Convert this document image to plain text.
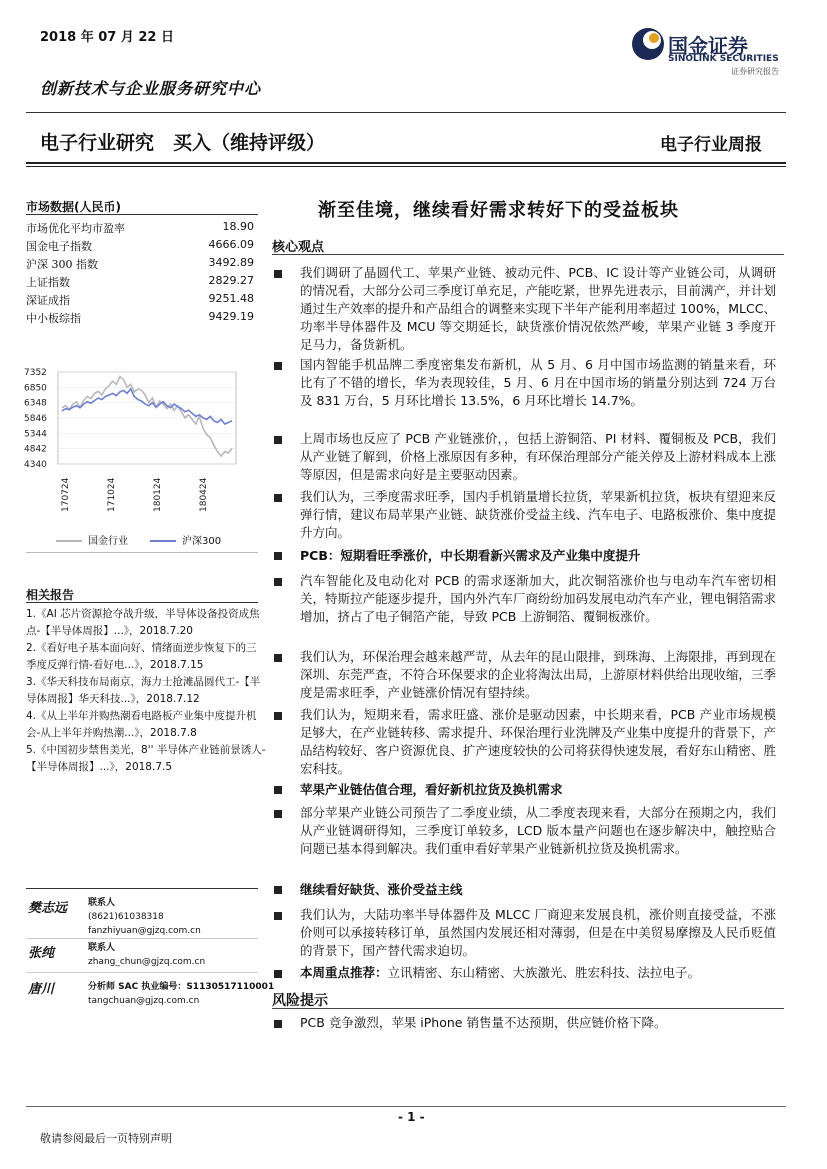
2018 年 07 月 22 日
创新技术与企业服务研究中心
国金证券
SINOLINK SECURITIES
证券研究报告
电子行业研究　买入（维持评级）	电子行业周报
市场数据(人民币)
市场优化平均市盈率	18.90
国金电子指数	4666.09
沪深 300 指数	3492.89
上证指数	2829.27
深证成指	9251.48
中小板综指	9429.19
7352
6850
6348
5846
5344
4842
4340
170724	171024	180124	180424
国金行业	沪深300
相关报告
1.《AI 芯片资源抢夺战升级，半导体设备投资成焦点-【半导体周报】...》，2018.7.20
2.《看好电子基本面向好、情绪面逆步恢复下的三季度反弹行情-看好电...》，2018.7.15
3.《华天科技布局南京，海力士抢滩晶圆代工-【半导体周报】华天科技...》，2018.7.12
4.《从上半年并购热潮看电路板产业集中度提升机会-从上半年并购热潮...》，2018.7.8
5.《中国初步禁售美光，8'' 半导体产业链前景诱人-【半导体周报】...》，2018.7.5
樊志远 联系人
(8621)61038318
fanzhiyuan@gjzq.com.cn
张纯	联系人
zhang_chun@gjzq.com.cn
唐川	分析师 SAC 执业编号：S1130517110001
tangchuan@gjzq.com.cn
渐至佳境，继续看好需求转好下的受益板块
核心观点
我们调研了晶圆代工、苹果产业链、被动元件、PCB、IC 设计等产业链公司，从调研的情况看，大部分公司三季度订单充足，产能吃紧，世界先进表示，目前满产，并计划通过生产效率的提升和产品组合的调整来实现下半年产能利用率超过 100%，MLCC、功率半导体器件及 MCU 等交期延长，缺货涨价情况依然严峻，苹果产业链 3 季度开足马力，备货新机。
国内智能手机品牌二季度密集发布新机，从 5 月、6 月中国市场监测的销量来看，环比有了不错的增长，华为表现较佳，5 月、6 月在中国市场的销量分别达到 724 万台及 831 万台，5 月环比增长 13.5%，6 月环比增长 14.7%。
上周市场也反应了 PCB 产业链涨价，，包括上游铜箔、PI 材料、覆铜板及 PCB，我们从产业链了解到，价格上涨原因有多种，有环保治理部分产能关停及上游材料成本上涨等原因，但是需求向好是主要驱动因素。
我们认为，三季度需求旺季，国内手机销量增长拉货，苹果新机拉货，板块有望迎来反弹行情，建议布局苹果产业链、缺货涨价受益主线、汽车电子、电路板涨价、集中度提升方向。
PCB：短期看旺季涨价，中长期看新兴需求及产业集中度提升
汽车智能化及电动化对 PCB 的需求逐渐加大，此次铜箔涨价也与电动车汽车密切相关，特斯拉产能逐步提升，国内外汽车厂商纷纷加码发展电动汽车产业，锂电铜箔需求增加，挤占了电子铜箔产能，导致 PCB 上游铜箔、覆铜板涨价。
我们认为，环保治理会越来越严苛，从去年的昆山限排，到珠海、上海限排，再到现在深圳、东莞严查，不符合环保要求的企业将淘汰出局，上游原材料供给出现收缩，三季度是需求旺季，产业链涨价情况有望持续。
我们认为，短期来看，需求旺盛、涨价是驱动因素，中长期来看，PCB 产业市场规模足够大，在产业链转移、需求提升、环保治理行业洗牌及产业集中度提升的背景下，产品结构较好、客户资源优良、扩产速度较快的公司将获得快速发展，看好东山精密、胜宏科技。
苹果产业链估值合理，看好新机拉货及换机需求
部分苹果产业链公司预告了二季度业绩，从二季度表现来看，大部分在预期之内，我们从产业链调研得知，三季度订单较多，LCD 版本量产问题也在逐步解决中，触控贴合问题已基本得到解决。我们重申看好苹果产业链新机拉货及换机需求。
继续看好缺货、涨价受益主线
我们认为，大陆功率半导体器件及 MLCC 厂商迎来发展良机，涨价则直接受益，不涨价则可以承接转移订单，虽然国内发展还相对薄弱，但是在中美贸易摩擦及人民币贬值的背景下，国产替代需求迫切。
本周重点推荐：立讯精密、东山精密、大族激光、胜宏科技、法拉电子。
风险提示
PCB 竞争激烈，苹果 iPhone 销售量不达预期，供应链价格下降。
- 1 -
敬请参阅最后一页特别声明
